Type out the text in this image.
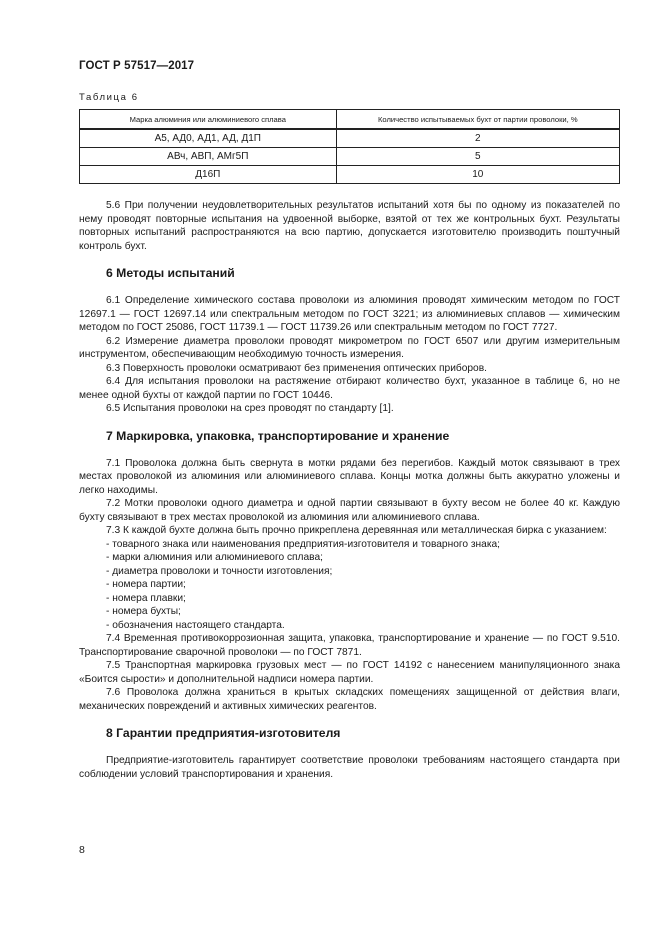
ГОСТ Р 57517—2017
Таблица 6
Марка алюминия или алюминиевого сплава	Количество испытываемых бухт от партии проволоки, %
А5, АД0, АД1, АД, Д1П	2
АВч, АВП, АМг5П	5
Д16П	10

5.6 При получении неудовлетворительных результатов испытаний хотя бы по одному из показателей по нему проводят повторные испытания на удвоенной выборке, взятой от тех же контрольных бухт. Результаты повторных испытаний распространяются на всю партию, допускается изготовителю производить поштучный контроль бухт.

6 Методы испытаний

6.1 Определение химического состава проволоки из алюминия проводят химическим методом по ГОСТ 12697.1 — ГОСТ 12697.14 или спектральным методом по ГОСТ 3221; из алюминиевых сплавов — химическим методом по ГОСТ 25086, ГОСТ 11739.1 — ГОСТ 11739.26 или спектральным методом по ГОСТ 7727.

6.2 Измерение диаметра проволоки проводят микрометром по ГОСТ 6507 или другим измерительным инструментом, обеспечивающим необходимую точность измерения.

6.3 Поверхность проволоки осматривают без применения оптических приборов.

6.4 Для испытания проволоки на растяжение отбирают количество бухт, указанное в таблице 6, но не менее одной бухты от каждой партии по ГОСТ 10446.

6.5 Испытания проволоки на срез проводят по стандарту [1].

7 Маркировка, упаковка, транспортирование и хранение

7.1 Проволока должна быть свернута в мотки рядами без перегибов. Каждый моток связывают в трех местах проволокой из алюминия или алюминиевого сплава. Концы мотка должны быть аккуратно уложены и легко находимы.

7.2 Мотки проволоки одного диаметра и одной партии связывают в бухту весом не более 40 кг. Каждую бухту связывают в трех местах проволокой из алюминия или алюминиевого сплава.

7.3 К каждой бухте должна быть прочно прикреплена деревянная или металлическая бирка с указанием:

- товарного знака или наименования предприятия-изготовителя и товарного знака;

- марки алюминия или алюминиевого сплава;

- диаметра проволоки и точности изготовления;

- номера партии;

- номера плавки;

- номера бухты;

- обозначения настоящего стандарта.

7.4 Временная противокоррозионная защита, упаковка, транспортирование и хранение — по ГОСТ 9.510. Транспортирование сварочной проволоки — по ГОСТ 7871.

7.5 Транспортная маркировка грузовых мест — по ГОСТ 14192 с нанесением манипуляционного знака «Боится сырости» и дополнительной надписи номера партии.

7.6 Проволока должна храниться в крытых складских помещениях защищенной от действия влаги, механических повреждений и активных химических реагентов.

8 Гарантии предприятия-изготовителя

Предприятие-изготовитель гарантирует соответствие проволоки требованиям настоящего стандарта при соблюдении условий транспортирования и хранения.

8
